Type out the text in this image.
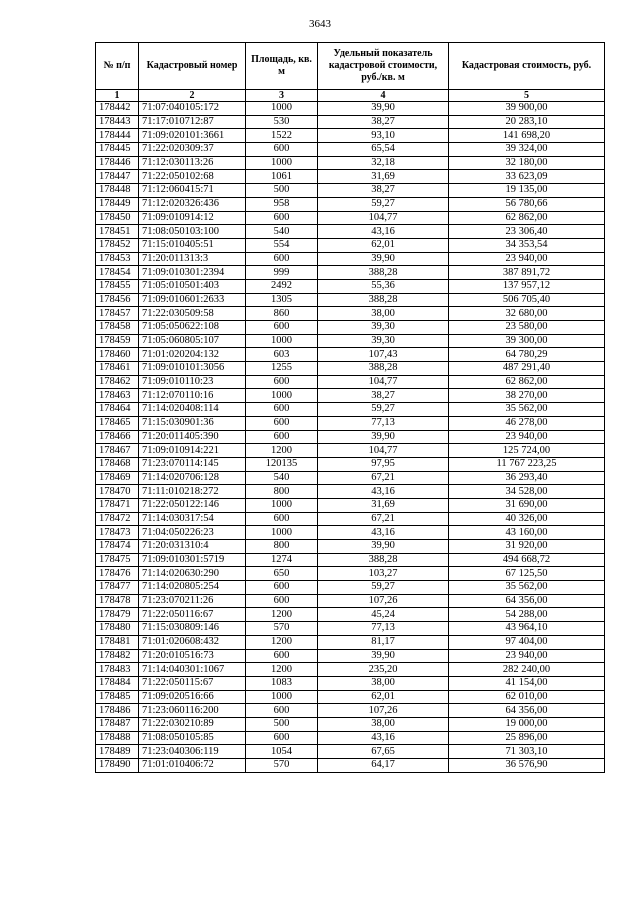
3643
№ п/п	Кадастровый номер	Площадь, кв. м	Удельный показатель кадастровой стоимости, руб./кв. м	Кадастровая стоимость, руб.
1	2	3	4	5
178442	71:07:040105:172	1000	39,90	39 900,00
178443	71:17:010712:87	530	38,27	20 283,10
178444	71:09:020101:3661	1522	93,10	141 698,20
178445	71:22:020309:37	600	65,54	39 324,00
178446	71:12:030113:26	1000	32,18	32 180,00
178447	71:22:050102:68	1061	31,69	33 623,09
178448	71:12:060415:71	500	38,27	19 135,00
178449	71:12:020326:436	958	59,27	56 780,66
178450	71:09:010914:12	600	104,77	62 862,00
178451	71:08:050103:100	540	43,16	23 306,40
178452	71:15:010405:51	554	62,01	34 353,54
178453	71:20:011313:3	600	39,90	23 940,00
178454	71:09:010301:2394	999	388,28	387 891,72
178455	71:05:010501:403	2492	55,36	137 957,12
178456	71:09:010601:2633	1305	388,28	506 705,40
178457	71:22:030509:58	860	38,00	32 680,00
178458	71:05:050622:108	600	39,30	23 580,00
178459	71:05:060805:107	1000	39,30	39 300,00
178460	71:01:020204:132	603	107,43	64 780,29
178461	71:09:010101:3056	1255	388,28	487 291,40
178462	71:09:010110:23	600	104,77	62 862,00
178463	71:12:070110:16	1000	38,27	38 270,00
178464	71:14:020408:114	600	59,27	35 562,00
178465	71:15:030901:36	600	77,13	46 278,00
178466	71:20:011405:390	600	39,90	23 940,00
178467	71:09:010914:221	1200	104,77	125 724,00
178468	71:23:070114:145	120135	97,95	11 767 223,25
178469	71:14:020706:128	540	67,21	36 293,40
178470	71:11:010218:272	800	43,16	34 528,00
178471	71:22:050122:146	1000	31,69	31 690,00
178472	71:14:030317:54	600	67,21	40 326,00
178473	71:04:050226:23	1000	43,16	43 160,00
178474	71:20:031310:4	800	39,90	31 920,00
178475	71:09:010301:5719	1274	388,28	494 668,72
178476	71:14:020630:290	650	103,27	67 125,50
178477	71:14:020805:254	600	59,27	35 562,00
178478	71:23:070211:26	600	107,26	64 356,00
178479	71:22:050116:67	1200	45,24	54 288,00
178480	71:15:030809:146	570	77,13	43 964,10
178481	71:01:020608:432	1200	81,17	97 404,00
178482	71:20:010516:73	600	39,90	23 940,00
178483	71:14:040301:1067	1200	235,20	282 240,00
178484	71:22:050115:67	1083	38,00	41 154,00
178485	71:09:020516:66	1000	62,01	62 010,00
178486	71:23:060116:200	600	107,26	64 356,00
178487	71:22:030210:89	500	38,00	19 000,00
178488	71:08:050105:85	600	43,16	25 896,00
178489	71:23:040306:119	1054	67,65	71 303,10
178490	71:01:010406:72	570	64,17	36 576,90
